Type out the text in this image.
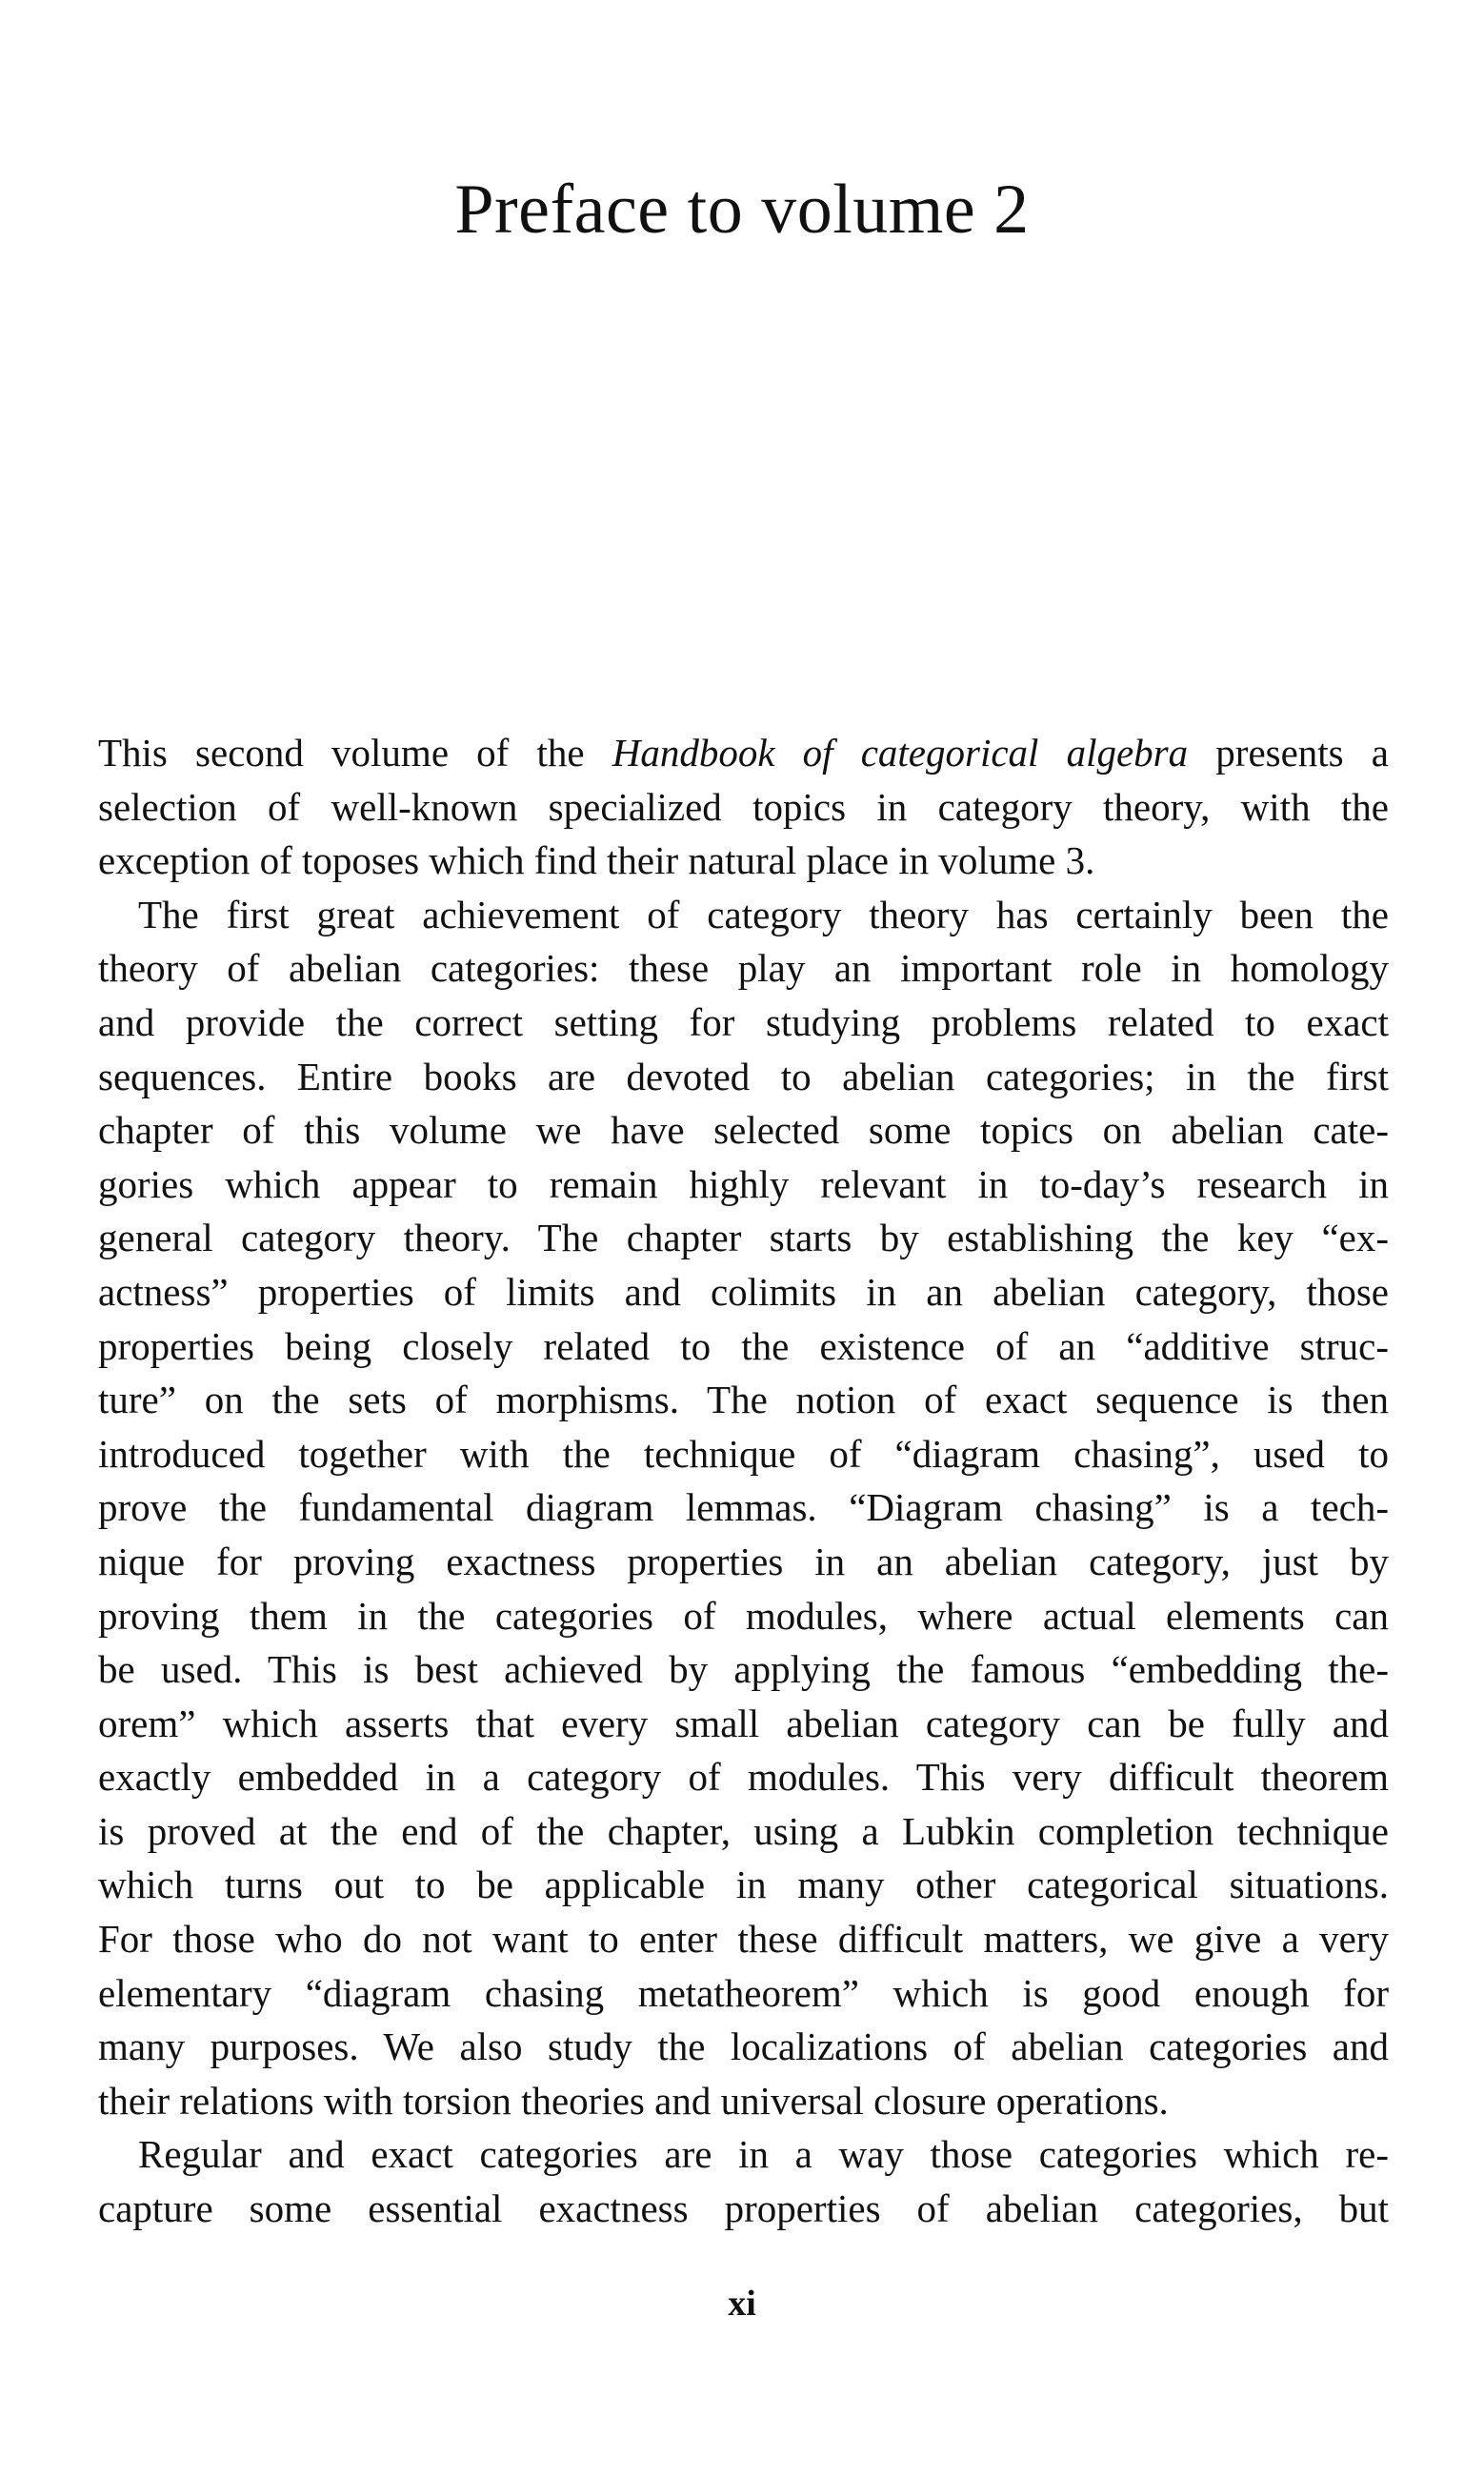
Preface to volume 2
This second volume of the Handbook of categorical algebra presents a
selection of well-known specialized topics in category theory, with the
exception of toposes which find their natural place in volume 3.
The first great achievement of category theory has certainly been the
theory of abelian categories: these play an important role in homology
and provide the correct setting for studying problems related to exact
sequences. Entire books are devoted to abelian categories; in the first
chapter of this volume we have selected some topics on abelian cate-
gories which appear to remain highly relevant in to-day’s research in
general category theory. The chapter starts by establishing the key “ex-
actness” properties of limits and colimits in an abelian category, those
properties being closely related to the existence of an “additive struc-
ture” on the sets of morphisms. The notion of exact sequence is then
introduced together with the technique of “diagram chasing”, used to
prove the fundamental diagram lemmas. “Diagram chasing” is a tech-
nique for proving exactness properties in an abelian category, just by
proving them in the categories of modules, where actual elements can
be used. This is best achieved by applying the famous “embedding the-
orem” which asserts that every small abelian category can be fully and
exactly embedded in a category of modules. This very difficult theorem
is proved at the end of the chapter, using a Lubkin completion technique
which turns out to be applicable in many other categorical situations.
For those who do not want to enter these difficult matters, we give a very
elementary “diagram chasing metatheorem” which is good enough for
many purposes. We also study the localizations of abelian categories and
their relations with torsion theories and universal closure operations.
Regular and exact categories are in a way those categories which re-
capture some essential exactness properties of abelian categories, but
xi
